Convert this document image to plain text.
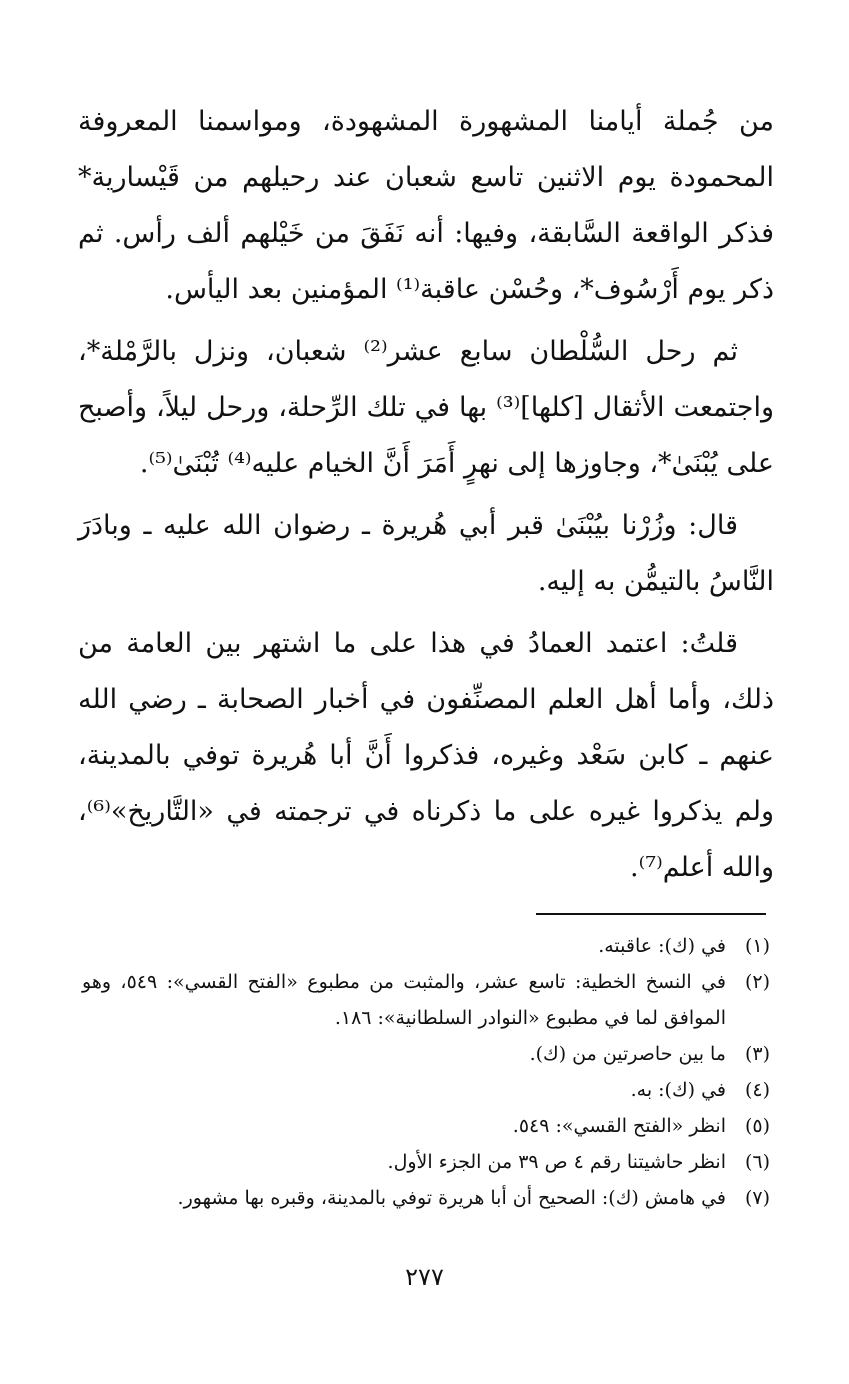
من جُملة أيامنا المشهورة المشهودة، ومواسمنا المعروفة المحمودة يوم الاثنين تاسع شعبان عند رحيلهم من قَيْسارية* فذكر الواقعة السَّابقة، وفيها: أنه نَفَقَ من خَيْلهم ألف رأس. ثم ذكر يوم أَرْسُوف*، وحُسْن عاقبة⁽¹⁾ المؤمنين بعد اليأس.

ثم رحل السُّلْطان سابع عشر⁽²⁾ شعبان، ونزل بالرَّمْلة*، واجتمعت الأثقال [كلها]⁽³⁾ بها في تلك الرِّحلة، ورحل ليلاً، وأصبح على يُبْنَىٰ*، وجاوزها إلى نهرٍ أَمَرَ أَنَّ الخيام عليه⁽⁴⁾ تُبْنَىٰ⁽⁵⁾.

قال: وزُرْنا بيُبْنَىٰ قبر أبي هُريرة ـ رضوان الله عليه ـ وبادَرَ النَّاسُ بالتيمُّن به إليه.

قلتُ: اعتمد العمادُ في هذا على ما اشتهر بين العامة من ذلك، وأما أهل العلم المصنِّفون في أخبار الصحابة ـ رضي الله عنهم ـ كابن سَعْد وغيره، فذكروا أَنَّ أبا هُريرة توفي بالمدينة، ولم يذكروا غيره على ما ذكرناه في ترجمته في «التَّاريخ»⁽⁶⁾، والله أعلم⁽⁷⁾.

(١)
في (ك): عاقبته.
(٢)
في النسخ الخطية: تاسع عشر، والمثبت من مطبوع «الفتح القسي»: ٥٤٩، وهو الموافق لما في مطبوع «النوادر السلطانية»: ١٨٦.
(٣)
ما بين حاصرتين من (ك).
(٤)
في (ك): به.
(٥)
انظر «الفتح القسي»: ٥٤٩.
(٦)
انظر حاشيتنا رقم ٤ ص ٣٩ من الجزء الأول.
(٧)
في هامش (ك): الصحيح أن أبا هريرة توفي بالمدينة، وقبره بها مشهور.
٢٧٧
